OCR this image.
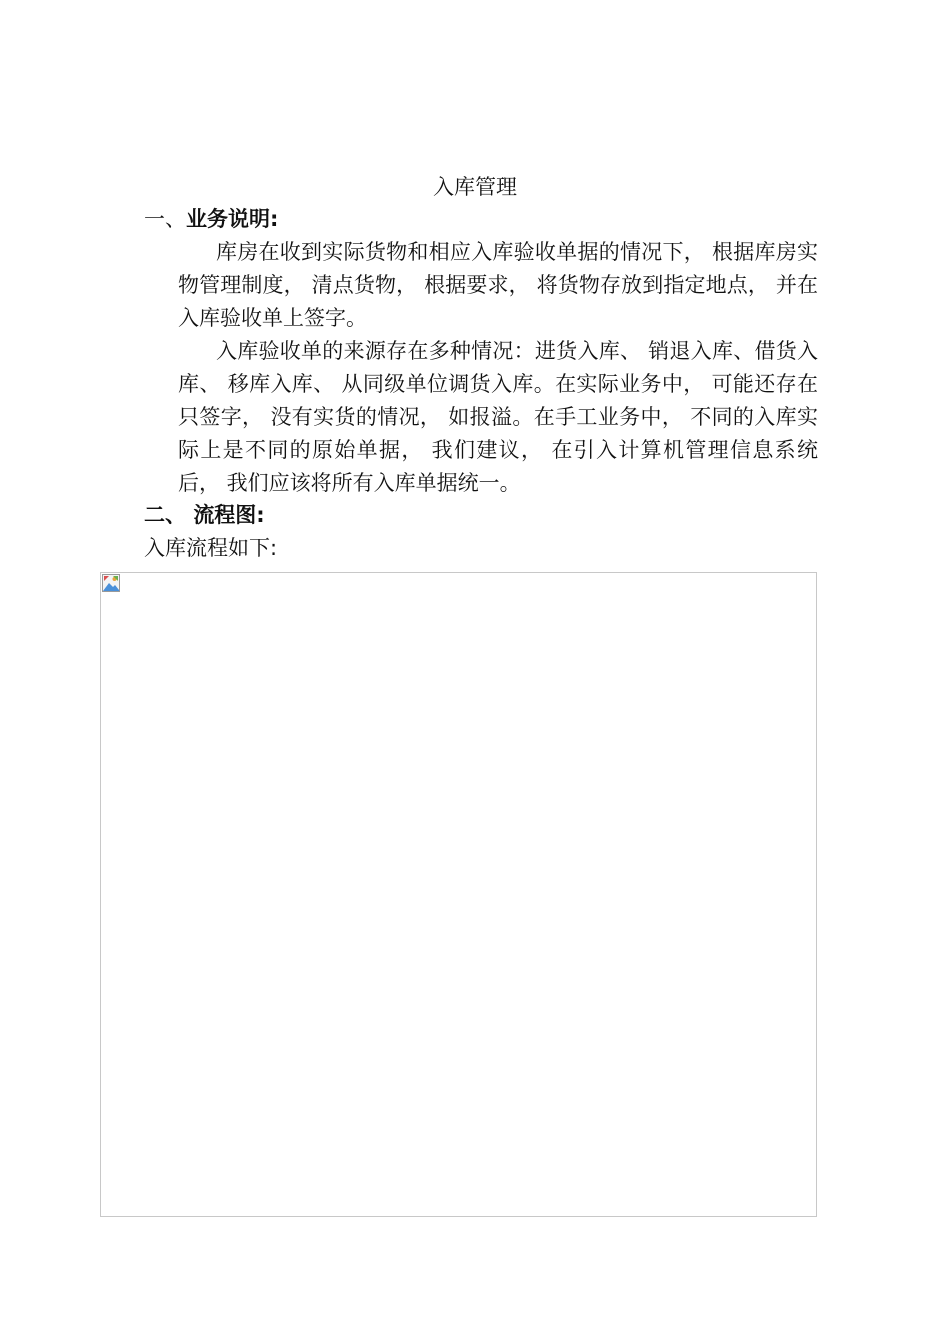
入库管理
一、业务说明:

库房在收到实际货物和相应入库验收单据的情况下， 根据库房实物管理制度， 清点货物， 根据要求， 将货物存放到指定地点， 并在入库验收单上签字。

入库验收单的来源存在多种情况：进货入库、 销退入库、借货入库、 移库入库、 从同级单位调货入库。在实际业务中， 可能还存在只签字， 没有实货的情况， 如报溢。在手工业务中， 不同的入库实际上是不同的原始单据， 我们建议， 在引入计算机管理信息系统后， 我们应该将所有入库单据统一。

二、 流程图:

入库流程如下:
